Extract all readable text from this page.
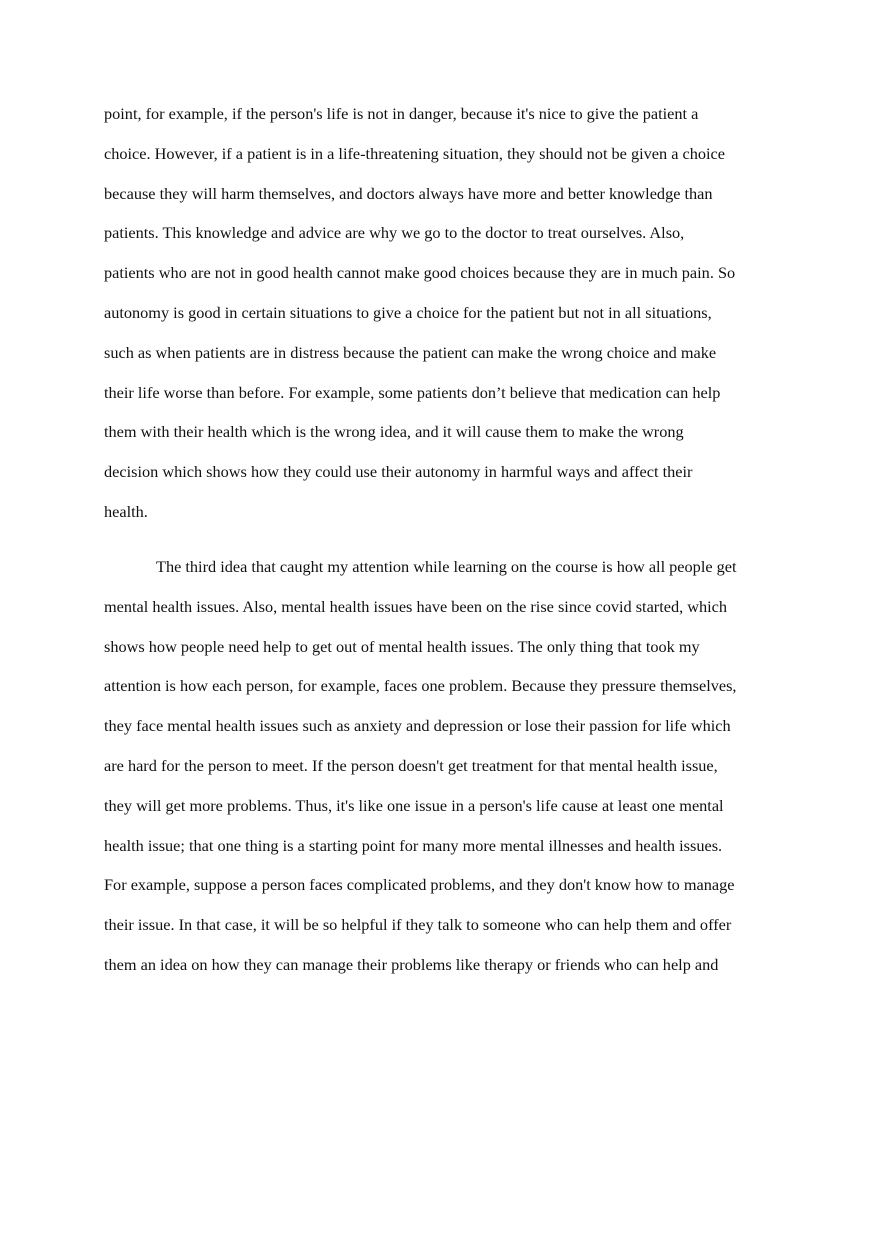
point, for example, if the person's life is not in danger, because it's nice to give the patient a
choice. However, if a patient is in a life-threatening situation, they should not be given a choice
because they will harm themselves, and doctors always have more and better knowledge than
patients. This knowledge and advice are why we go to the doctor to treat ourselves. Also,
patients who are not in good health cannot make good choices because they are in much pain. So
autonomy is good in certain situations to give a choice for the patient but not in all situations,
such as when patients are in distress because the patient can make the wrong choice and make
their life worse than before. For example, some patients don’t believe that medication can help
them with their health which is the wrong idea, and it will cause them to make the wrong
decision which shows how they could use their autonomy in harmful ways and affect their
health.
The third idea that caught my attention while learning on the course is how all people get
mental health issues. Also, mental health issues have been on the rise since covid started, which
shows how people need help to get out of mental health issues. The only thing that took my
attention is how each person, for example, faces one problem. Because they pressure themselves,
they face mental health issues such as anxiety and depression or lose their passion for life which
are hard for the person to meet. If the person doesn't get treatment for that mental health issue,
they will get more problems. Thus, it's like one issue in a person's life cause at least one mental
health issue; that one thing is a starting point for many more mental illnesses and health issues.
For example, suppose a person faces complicated problems, and they don't know how to manage
their issue. In that case, it will be so helpful if they talk to someone who can help them and offer
them an idea on how they can manage their problems like therapy or friends who can help and
